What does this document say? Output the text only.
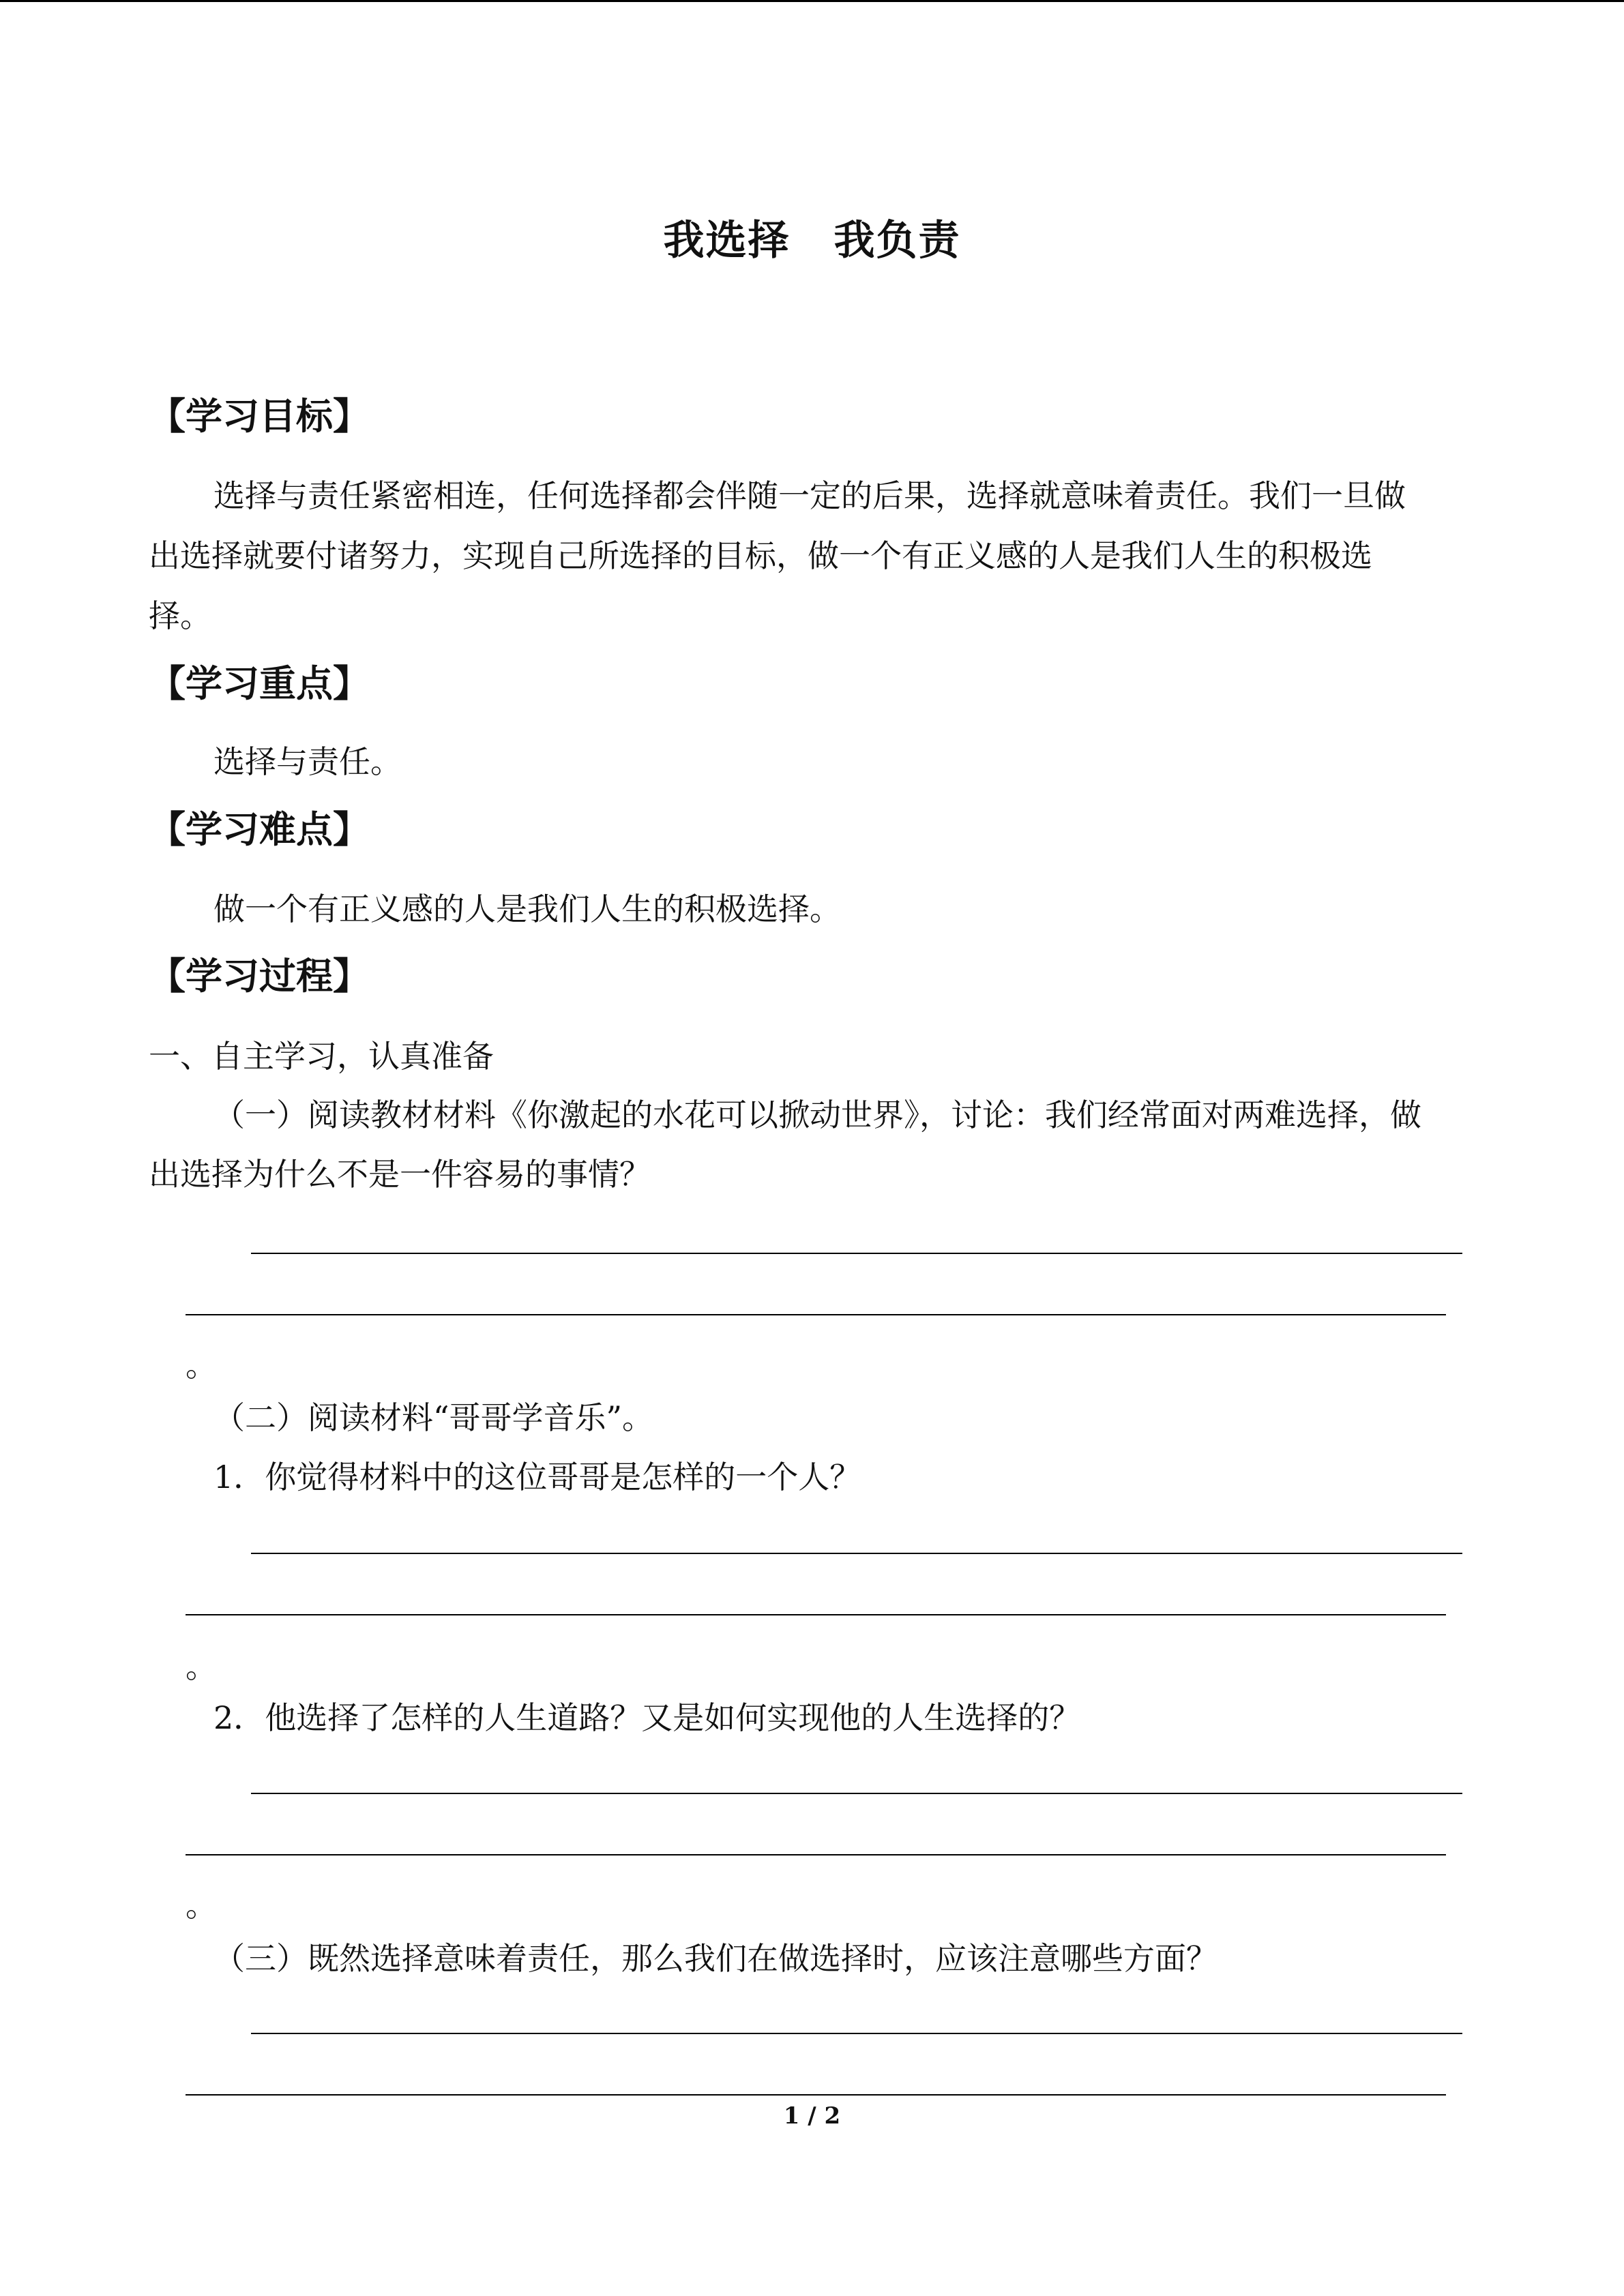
我选择 我负责
【学习目标】
选择与责任紧密相连，任何选择都会伴随一定的后果，选择就意味着责任。我们一旦做
出选择就要付诸努力，实现自己所选择的目标，做一个有正义感的人是我们人生的积极选
择。
【学习重点】
选择与责任。
【学习难点】
做一个有正义感的人是我们人生的积极选择。
【学习过程】
一、自主学习，认真准备
（一）阅读教材材料《你激起的水花可以掀动世界》，讨论：我们经常面对两难选择，做
出选择为什么不是一件容易的事情？
。
（二）阅读材料“哥哥学音乐”。
1．你觉得材料中的这位哥哥是怎样的一个人？
。
2．他选择了怎样的人生道路？又是如何实现他的人生选择的？
。
（三）既然选择意味着责任，那么我们在做选择时，应该注意哪些方面？
1 / 2
